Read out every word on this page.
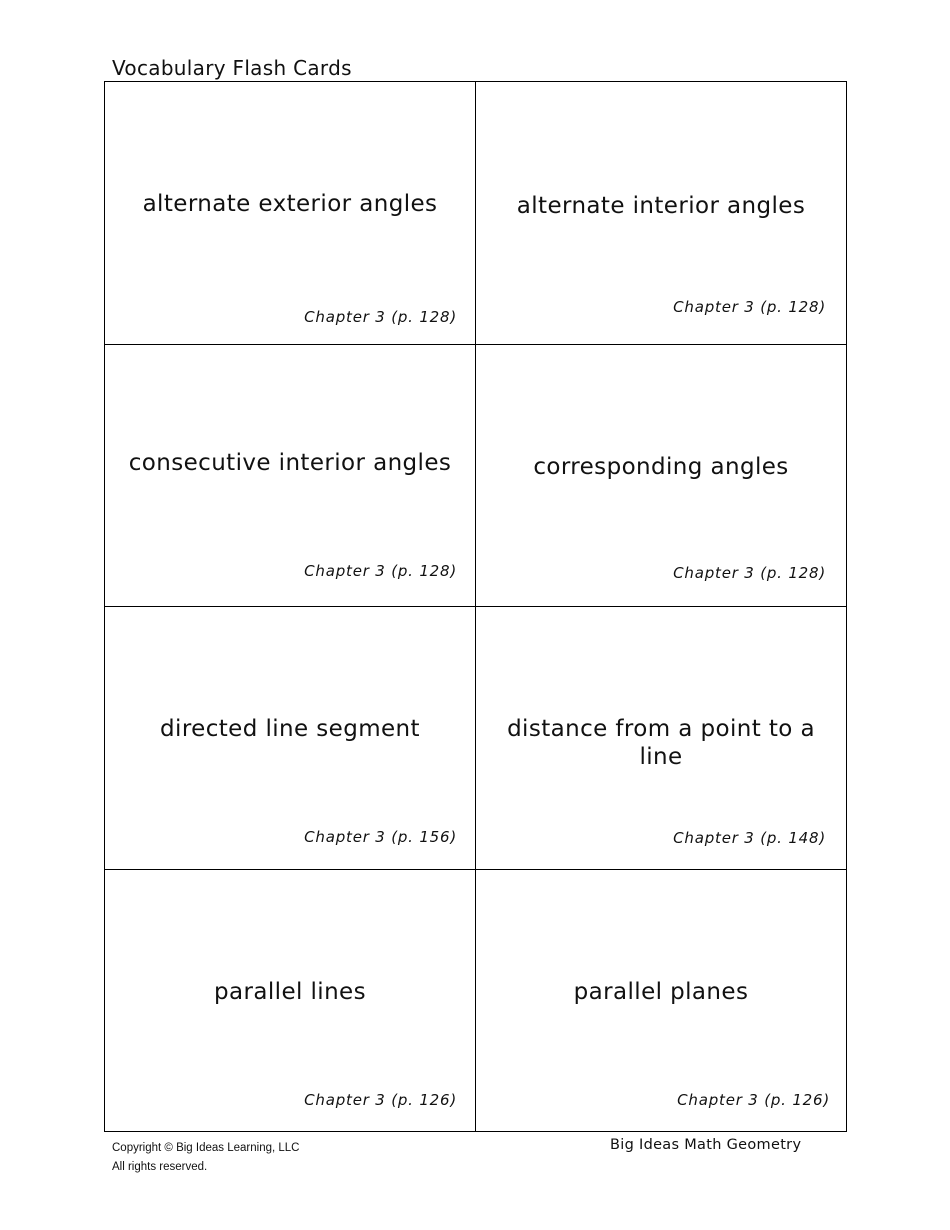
Vocabulary Flash Cards
alternate exterior angles
Chapter 3 (p. 128)
alternate interior angles
Chapter 3 (p. 128)
consecutive interior angles
Chapter 3 (p. 128)
corresponding angles
Chapter 3 (p. 128)
directed line segment
Chapter 3 (p. 156)
distance from a point to a line
Chapter 3 (p. 148)
parallel lines
Chapter 3 (p. 126)
parallel planes
Chapter 3 (p. 126)
Copyright © Big Ideas Learning, LLC
All rights reserved.
Big Ideas Math Geometry
